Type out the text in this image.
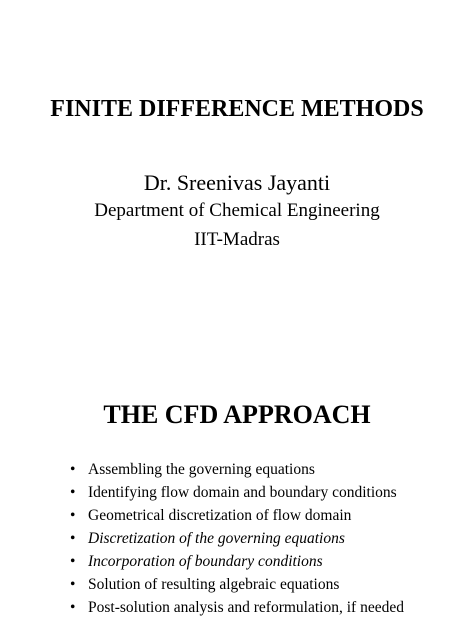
FINITE DIFFERENCE METHODS

Dr. Sreenivas Jayanti

Department of Chemical Engineering

IIT-Madras

THE CFD APPROACH
• Assembling the governing equations
• Identifying flow domain and boundary conditions
• Geometrical discretization of flow domain
• Discretization of the governing equations
• Incorporation of boundary conditions
• Solution of resulting algebraic equations
• Post-solution analysis and reformulation, if needed
